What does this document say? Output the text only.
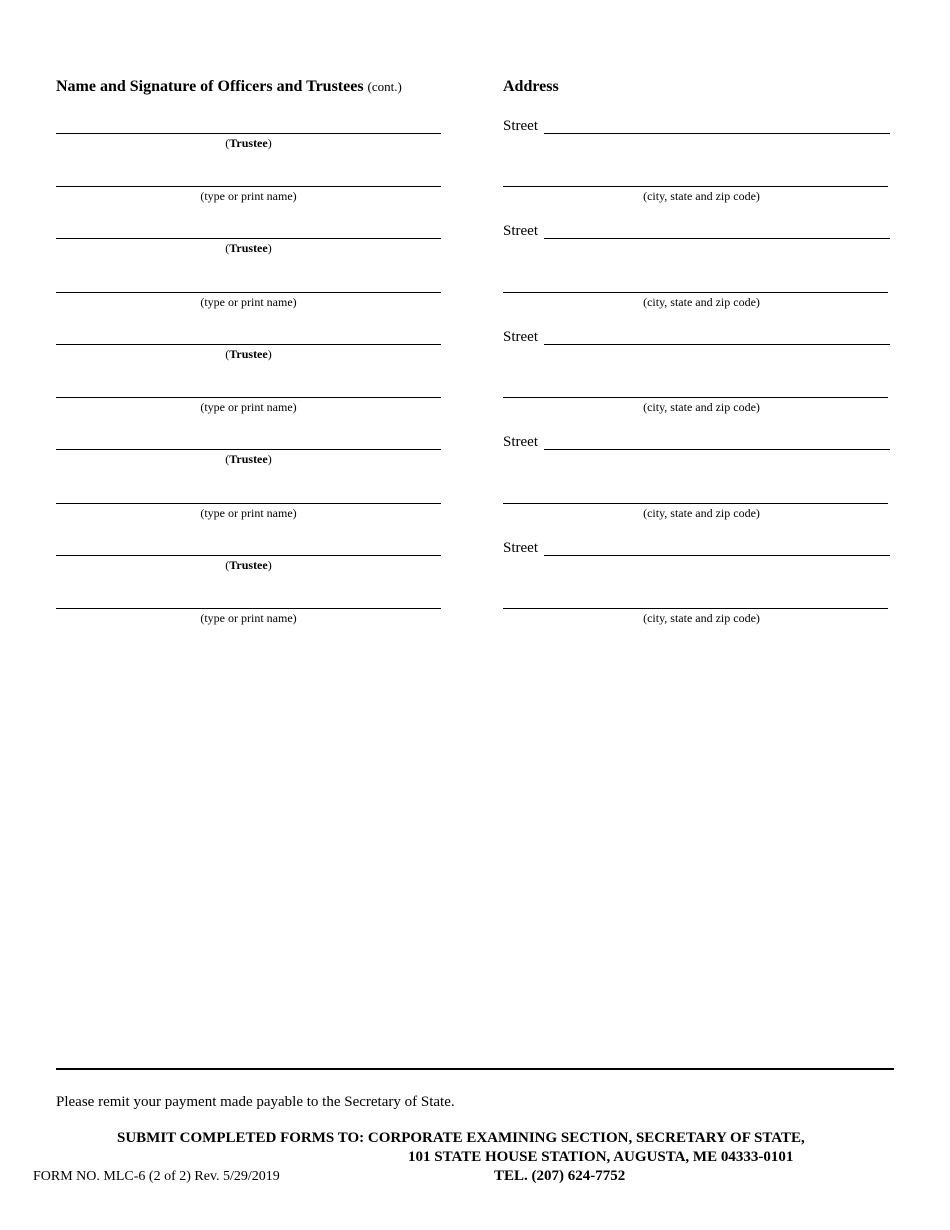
Name and Signature of Officers and Trustees (cont.)	Address
(Trustee)
(type or print name)
Street
(city, state and zip code)
(Trustee)
(type or print name)
Street
(city, state and zip code)
(Trustee)
(type or print name)
Street
(city, state and zip code)
(Trustee)
(type or print name)
Street
(city, state and zip code)
(Trustee)
(type or print name)
Street
(city, state and zip code)
Please remit your payment made payable to the Secretary of State.
SUBMIT COMPLETED FORMS TO: CORPORATE EXAMINING SECTION, SECRETARY OF STATE,
101 STATE HOUSE STATION, AUGUSTA, ME 04333-0101
TEL. (207) 624-7752
FORM NO. MLC-6 (2 of 2) Rev. 5/29/2019
